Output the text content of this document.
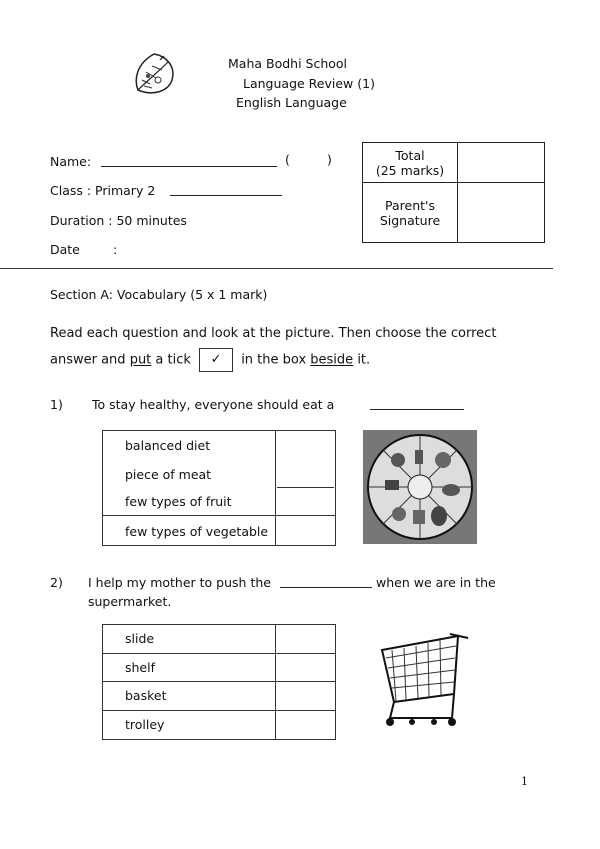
Maha Bodhi School
Language Review (1)
English Language
Name:	(	)
Class : Primary 2
Duration : 50 minutes
Date	:
Total
(25 marks)	

Parent's
Signature	

Section A: Vocabulary (5 x 1 mark)
Read each question and look at the picture. Then choose the correct
answer and put a tick ✓ in the box beside it.
1) To stay healthy, everyone should eat a
balanced diet
piece of meat
few types of fruit
few types of vegetable
2) I help my mother to push the	when we are in the
supermarket.
slide
shelf
basket
trolley
1
